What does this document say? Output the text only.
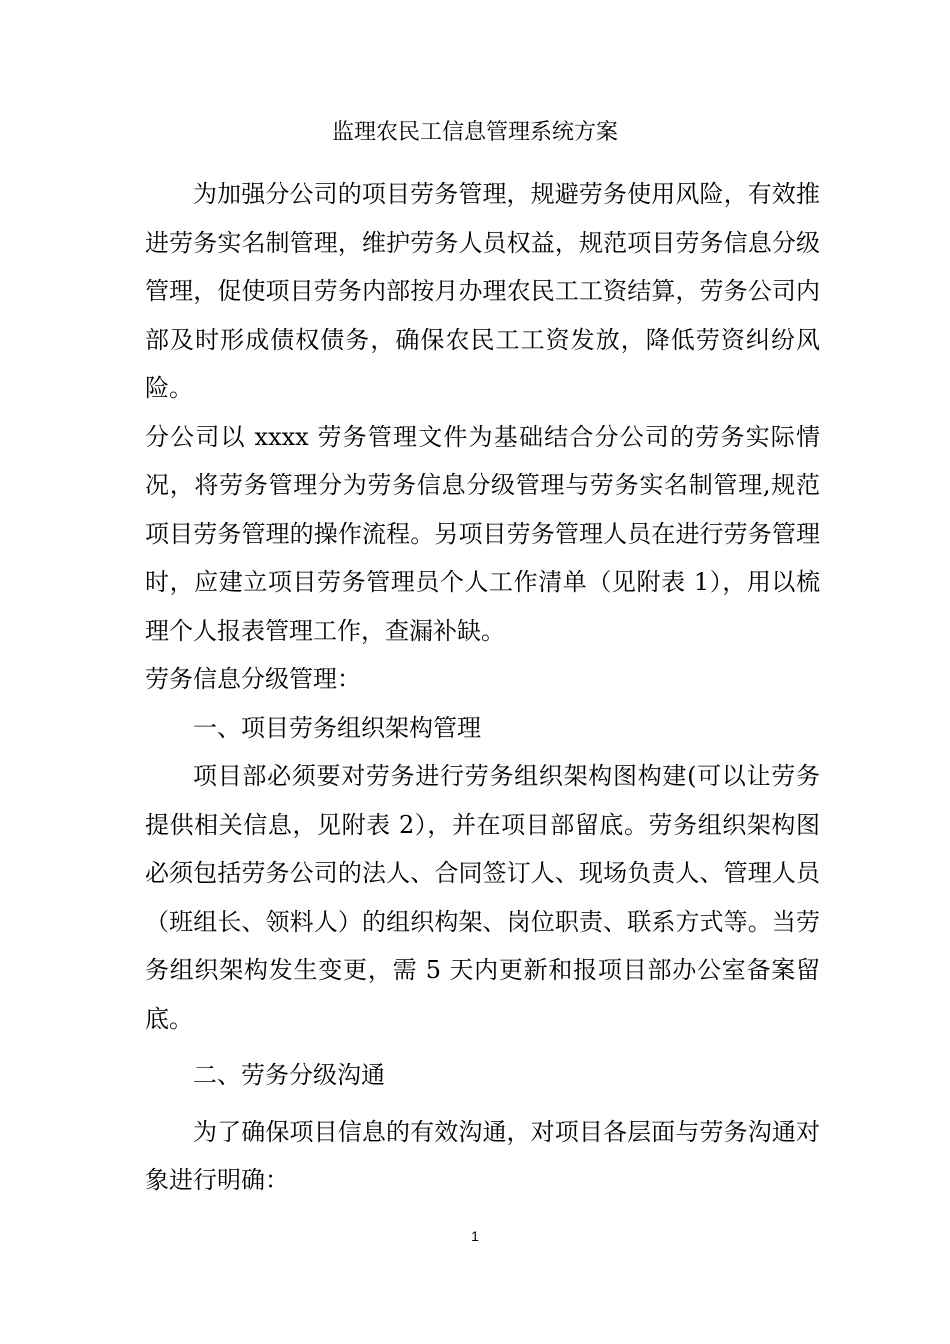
监理农民工信息管理系统方案

为加强分公司的项目劳务管理，规避劳务使用风险，有效推进劳务实名制管理，维护劳务人员权益，规范项目劳务信息分级管理，促使项目劳务内部按月办理农民工工资结算，劳务公司内部及时形成债权债务，确保农民工工资发放，降低劳资纠纷风险。

分公司以 xxxx 劳务管理文件为基础结合分公司的劳务实际情况，将劳务管理分为劳务信息分级管理与劳务实名制管理,规范项目劳务管理的操作流程。另项目劳务管理人员在进行劳务管理时，应建立项目劳务管理员个人工作清单（见附表 1），用以梳理个人报表管理工作，查漏补缺。

劳务信息分级管理：

一、项目劳务组织架构管理

项目部必须要对劳务进行劳务组织架构图构建(可以让劳务提供相关信息，见附表 2），并在项目部留底。劳务组织架构图必须包括劳务公司的法人、合同签订人、现场负责人、管理人员（班组长、领料人）的组织构架、岗位职责、联系方式等。当劳务组织架构发生变更，需 5 天内更新和报项目部办公室备案留底。

二、劳务分级沟通

为了确保项目信息的有效沟通，对项目各层面与劳务沟通对象进行明确：

1
